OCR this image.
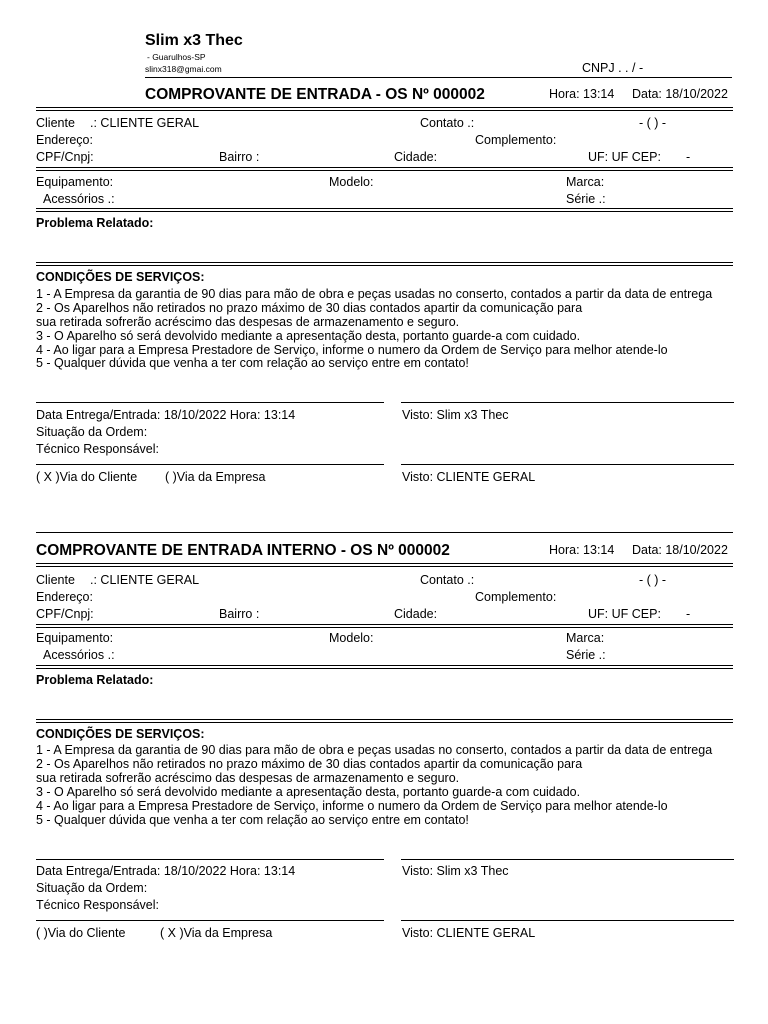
Slim x3 Thec
- Guarulhos-SP
slinx318@gmai.com	CNPJ . . / -
COMPROVANTE DE ENTRADA - OS Nº 000002	Hora: 13:14 Data: 18/10/2022
Cliente .: CLIENTE GERAL	Contato .:	- ( ) -
Endereço:	Complemento:
CPF/Cnpj:	Bairro :	Cidade:	UF: UF CEP: -
Equipamento:	Modelo:	Marca:
Acessórios .:	Série .:
Problema Relatado:
CONDIÇÕES DE SERVIÇOS:
1 - A Empresa da garantia de 90 dias para mão de obra e peças usadas no conserto, contados a partir da data de entrega
2 - Os Aparelhos não retirados no prazo máximo de 30 dias contados apartir da comunicação para
sua retirada sofrerão acréscimo das despesas de armazenamento e seguro.
3 - O Aparelho só será devolvido mediante a apresentação desta, portanto guarde-a com cuidado.
4 - Ao ligar para a Empresa Prestadore de Serviço, informe o numero da Ordem de Serviço para melhor atende-lo
5 - Qualquer dúvida que venha a ter com relação ao serviço entre em contato!
Data Entrega/Entrada: 18/10/2022 Hora: 13:14	Visto: Slim x3 Thec
Situação da Ordem:
Técnico Responsável:
( X )Via do Cliente ( )Via da Empresa	Visto: CLIENTE GERAL
COMPROVANTE DE ENTRADA INTERNO - OS Nº 000002	Hora: 13:14 Data: 18/10/2022
Cliente .: CLIENTE GERAL	Contato .:	- ( ) -
Endereço:	Complemento:
CPF/Cnpj:	Bairro :	Cidade:	UF: UF CEP: -
Equipamento:	Modelo:	Marca:
Acessórios .:	Série .:
Problema Relatado:
CONDIÇÕES DE SERVIÇOS:
1 - A Empresa da garantia de 90 dias para mão de obra e peças usadas no conserto, contados a partir da data de entrega
2 - Os Aparelhos não retirados no prazo máximo de 30 dias contados apartir da comunicação para
sua retirada sofrerão acréscimo das despesas de armazenamento e seguro.
3 - O Aparelho só será devolvido mediante a apresentação desta, portanto guarde-a com cuidado.
4 - Ao ligar para a Empresa Prestadore de Serviço, informe o numero da Ordem de Serviço para melhor atende-lo
5 - Qualquer dúvida que venha a ter com relação ao serviço entre em contato!
Data Entrega/Entrada: 18/10/2022 Hora: 13:14	Visto: Slim x3 Thec
Situação da Ordem:
Técnico Responsável:
( )Via do Cliente	( X )Via da Empresa	Visto: CLIENTE GERAL
